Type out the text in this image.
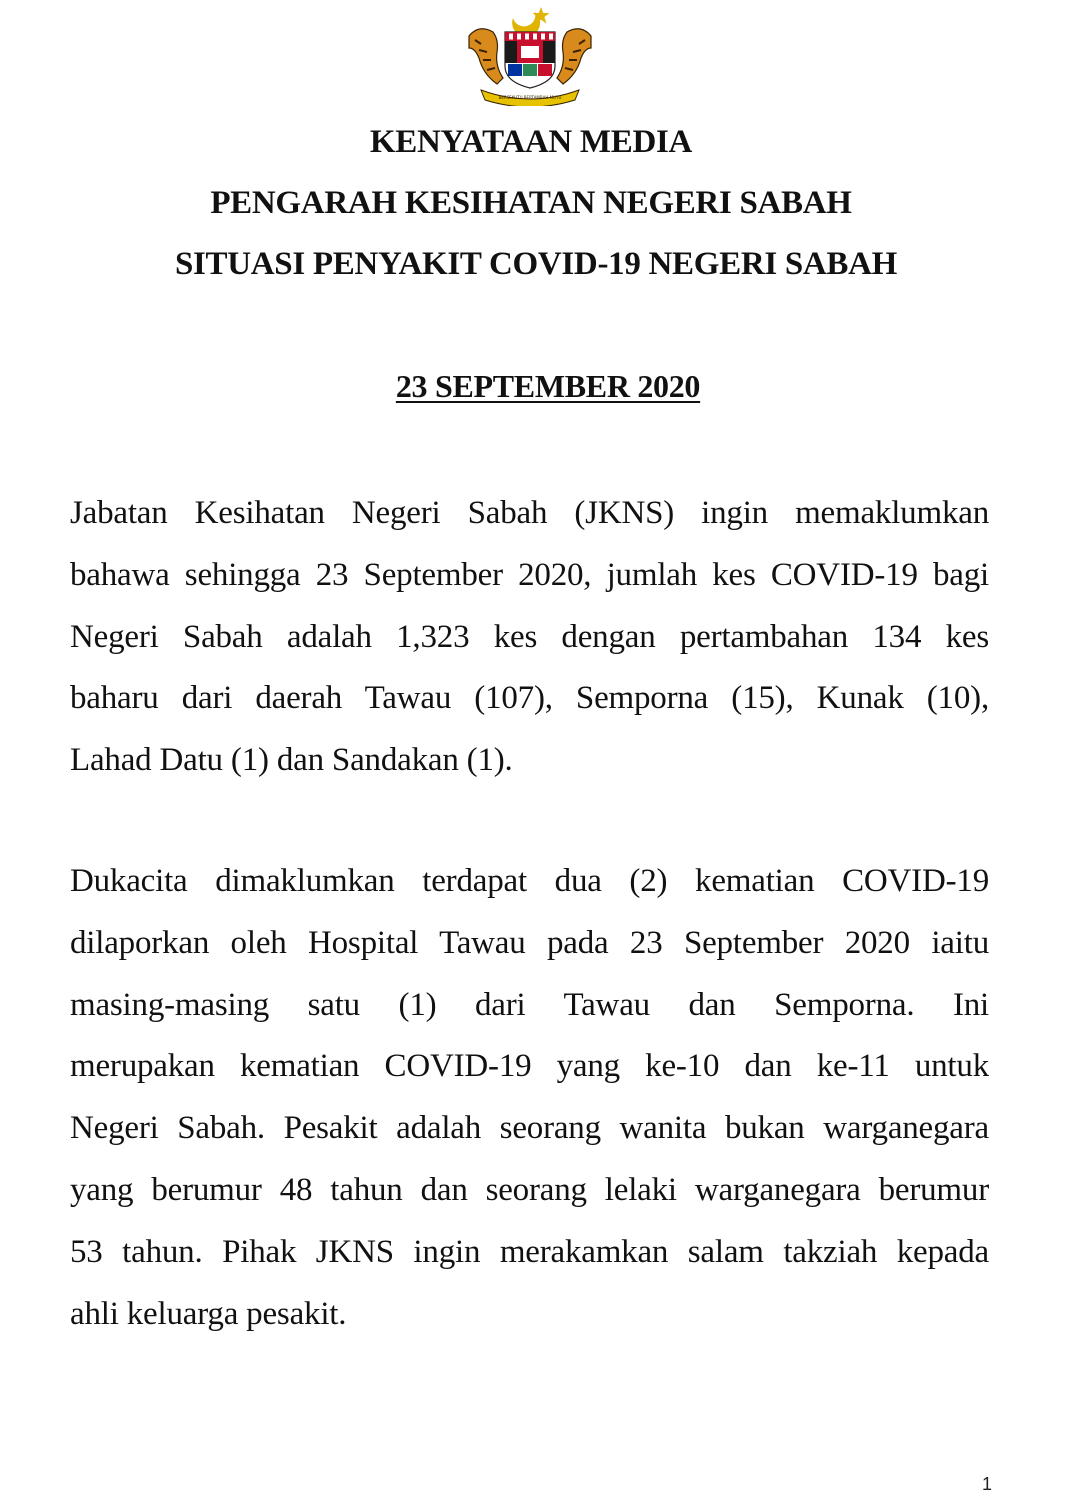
BERSEKUTU BERTAMBAH MUTU
KENYATAAN MEDIA
PENGARAH KESIHATAN NEGERI SABAH
SITUASI PENYAKIT COVID-19 NEGERI SABAH
23 SEPTEMBER 2020
Jabatan Kesihatan Negeri Sabah (JKNS) ingin memaklumkan
bahawa sehingga 23 September 2020, jumlah kes COVID-19 bagi
Negeri Sabah adalah 1,323 kes dengan pertambahan 134 kes
baharu dari daerah Tawau (107), Semporna (15), Kunak (10),
Lahad Datu (1) dan Sandakan (1).
Dukacita dimaklumkan terdapat dua (2) kematian COVID-19
dilaporkan oleh Hospital Tawau pada 23 September 2020 iaitu
masing-masing satu (1) dari Tawau dan Semporna. Ini
merupakan kematian COVID-19 yang ke-10 dan ke-11 untuk
Negeri Sabah. Pesakit adalah seorang wanita bukan warganegara
yang berumur 48 tahun dan seorang lelaki warganegara berumur
53 tahun. Pihak JKNS ingin merakamkan salam takziah kepada
ahli keluarga pesakit.
1
